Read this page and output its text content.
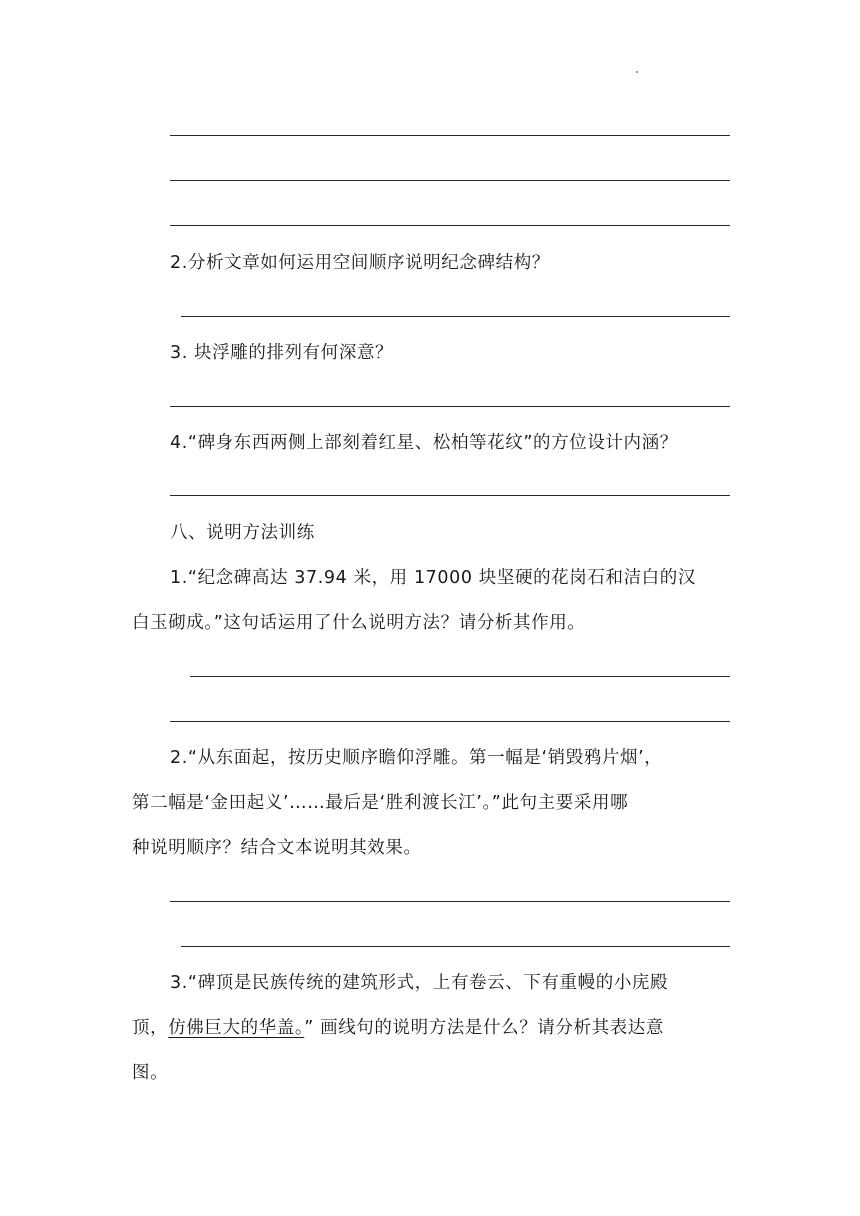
2.分析文章如何运用空间顺序说明纪念碑结构？
3. 块浮雕的排列有何深意？
4.“碑身东西两侧上部刻着红星、松柏等花纹”的方位设计内涵？
八、说明方法训练
1.“纪念碑高达 37.94 米，用 17000 块坚硬的花岗石和洁白的汉
白玉砌成。”这句话运用了什么说明方法？请分析其作用。
2.“从东面起，按历史顺序瞻仰浮雕。第一幅是‘销毁鸦片烟’，
第二幅是‘金田起义’……最后是‘胜利渡长江’。”此句主要采用哪
种说明顺序？结合文本说明其效果。
3.“碑顶是民族传统的建筑形式，上有卷云、下有重幔的小庑殿
顶，仿佛巨大的华盖。” 画线句的说明方法是什么？请分析其表达意
图。
